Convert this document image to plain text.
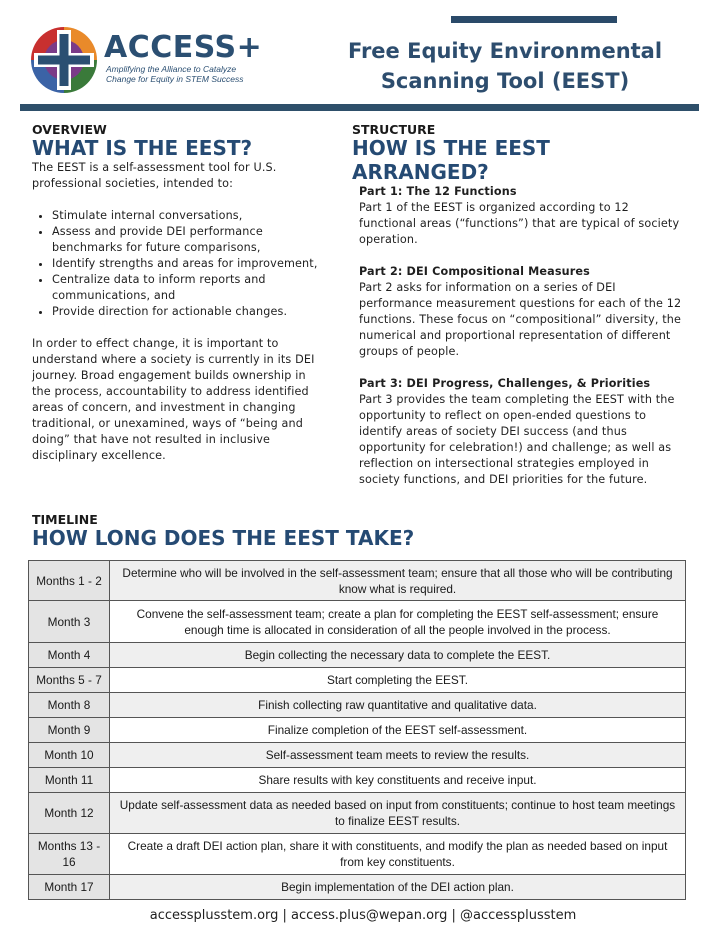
ACCESS+
Amplifying the Alliance to Catalyze
Change for Equity in STEM Success
Free Equity Environmental
Scanning Tool (EEST)
OVERVIEW
WHAT IS THE EEST?

The EEST is a self-assessment tool for U.S. professional societies, intended to:

• Stimulate internal conversations,
• Assess and provide DEI performance benchmarks for future comparisons,
• Identify strengths and areas for improvement,
• Centralize data to inform reports and communications, and
• Provide direction for actionable changes.

In order to effect change, it is important to understand where a society is currently in its DEI journey. Broad engagement builds ownership in the process, accountability to address identified areas of concern, and investment in changing traditional, or unexamined, ways of “being and doing” that have not resulted in inclusive disciplinary excellence.

STRUCTURE
HOW IS THE EEST ARRANGED?
Part 1: The 12 Functions

Part 1 of the EEST is organized according to 12 functional areas (“functions”) that are typical of society operation.

Part 2: DEI Compositional Measures

Part 2 asks for information on a series of DEI performance measurement questions for each of the 12 functions. These focus on “compositional” diversity, the numerical and proportional representation of different groups of people.

Part 3: DEI Progress, Challenges, & Priorities

Part 3 provides the team completing the EEST with the opportunity to reflect on open-ended questions to identify areas of society DEI success (and thus opportunity for celebration!) and challenge; as well as reflection on intersectional strategies employed in society functions, and DEI priorities for the future.

TIMELINE
HOW LONG DOES THE EEST TAKE?
Months 1 - 2	Determine who will be involved in the self-assessment team; ensure that all those who will be contributing know what is required.
Month 3	Convene the self-assessment team; create a plan for completing the EEST self-assessment; ensure enough time is allocated in consideration of all the people involved in the process.
Month 4	Begin collecting the necessary data to complete the EEST.
Months 5 - 7	Start completing the EEST.
Month 8	Finish collecting raw quantitative and qualitative data.
Month 9	Finalize completion of the EEST self-assessment.
Month 10	Self-assessment team meets to review the results.
Month 11	Share results with key constituents and receive input.
Month 12	Update self-assessment data as needed based on input from constituents; continue to host team meetings to finalize EEST results.
Months 13 - 16	Create a draft DEI action plan, share it with constituents, and modify the plan as needed based on input from key constituents.
Month 17	Begin implementation of the DEI action plan.
accessplusstem.org | access.plus@wepan.org | @accessplusstem
